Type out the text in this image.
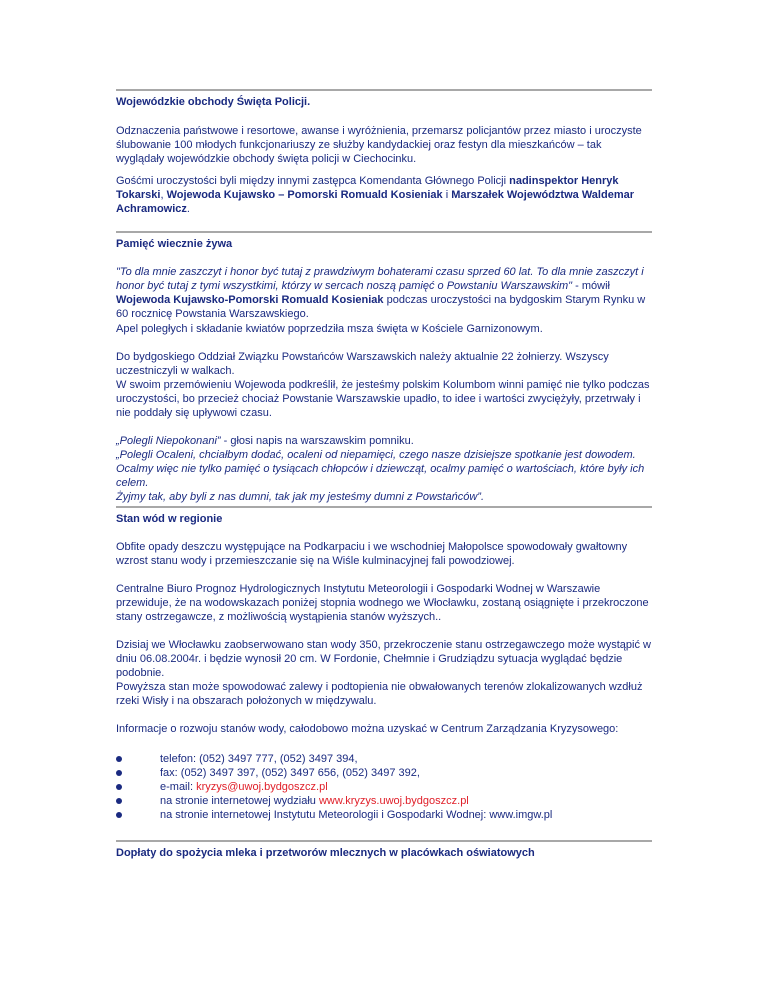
Wojewódzkie obchody Święta Policji.

Odznaczenia państwowe i resortowe, awanse i wyróżnienia, przemarsz policjantów przez miasto i uroczyste ślubowanie 100 młodych funkcjonariuszy ze służby kandydackiej oraz festyn dla mieszkańców – tak wyglądały wojewódzkie obchody święta policji w Ciechocinku.

Gośćmi uroczystości byli między innymi zastępca Komendanta Głównego Policji nadinspektor Henryk Tokarski, Wojewoda Kujawsko – Pomorski Romuald Kosieniak i Marszałek Województwa Waldemar Achramowicz.

Pamięć wiecznie żywa

"To dla mnie zaszczyt i honor być tutaj z prawdziwym bohaterami czasu sprzed 60 lat. To dla mnie zaszczyt i honor być tutaj z tymi wszystkimi, którzy w sercach noszą pamięć o Powstaniu Warszawskim" - mówił Wojewoda Kujawsko-Pomorski Romuald Kosieniak podczas uroczystości na bydgoskim Starym Rynku w 60 rocznicę Powstania Warszawskiego.

Apel poległych i składanie kwiatów poprzedziła msza święta w Kościele Garnizonowym.

Do bydgoskiego Oddział Związku Powstańców Warszawskich należy aktualnie 22 żołnierzy. Wszyscy uczestniczyli w walkach.

W swoim przemówieniu Wojewoda podkreślił, że jesteśmy polskim Kolumbom winni pamięć nie tylko podczas uroczystości, bo przecież chociaż Powstanie Warszawskie upadło, to idee i wartości zwyciężyły, przetrwały i nie poddały się upływowi czasu.

„Polegli Niepokonani” - głosi napis na warszawskim pomniku.

„Polegli Ocaleni, chciałbym dodać, ocaleni od niepamięci, czego nasze dzisiejsze spotkanie jest dowodem.

Ocalmy więc nie tylko pamięć o tysiącach chłopców i dziewcząt, ocalmy pamięć o wartościach, które były ich celem.

Żyjmy tak, aby byli z nas dumni, tak jak my jesteśmy dumni z Powstańców”.

Stan wód w regionie

Obfite opady deszczu występujące na Podkarpaciu i we wschodniej Małopolsce spowodowały gwałtowny wzrost stanu wody i przemieszczanie się na Wiśle kulminacyjnej fali powodziowej.

Centralne Biuro Prognoz Hydrologicznych Instytutu Meteorologii i Gospodarki Wodnej w Warszawie przewiduje, że na wodowskazach poniżej stopnia wodnego we Włocławku, zostaną osiągnięte i przekroczone stany ostrzegawcze, z możliwością wystąpienia stanów wyższych..

Dzisiaj we Włocławku zaobserwowano stan wody 350, przekroczenie stanu ostrzegawczego może wystąpić w dniu 06.08.2004r. i będzie wynosił 20 cm. W Fordonie, Chełmnie i Grudziądzu sytuacja wyglądać będzie podobnie.

Powyższa stan może spowodować zalewy i podtopienia nie obwałowanych terenów zlokalizowanych wzdłuż rzeki Wisły i na obszarach położonych w międzywalu.

Informacje o rozwoju stanów wody, całodobowo można uzyskać w Centrum Zarządzania Kryzysowego:

telefon: (052) 3497 777, (052) 3497 394,
fax: (052) 3497 397, (052) 3497 656, (052) 3497 392,
e-mail: kryzys@uwoj.bydgoszcz.pl
na stronie internetowej wydziału www.kryzys.uwoj.bydgoszcz.pl
na stronie internetowej Instytutu Meteorologii i Gospodarki Wodnej: www.imgw.pl

Dopłaty do spożycia mleka i przetworów mlecznych w placówkach oświatowych
